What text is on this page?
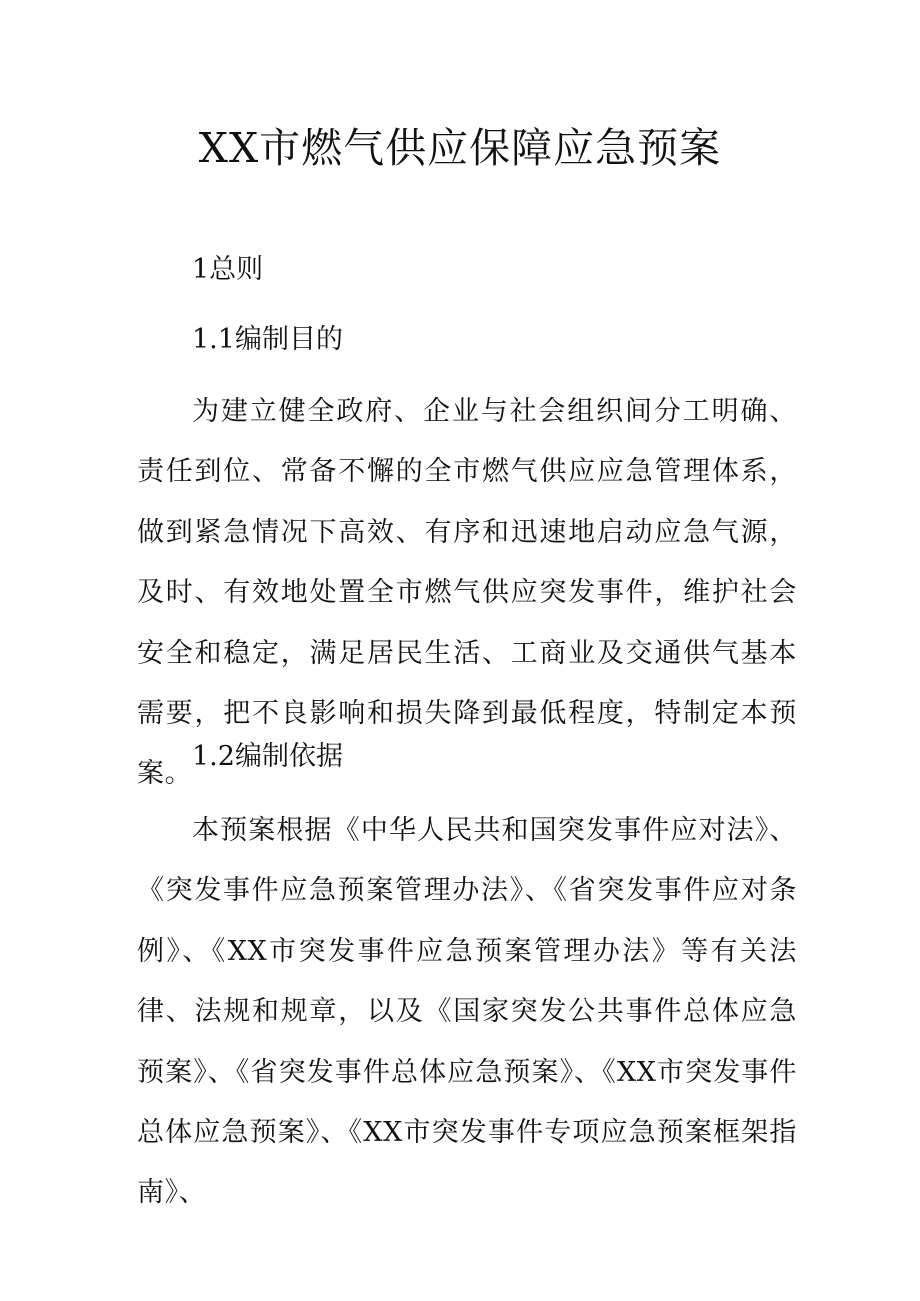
XX市燃气供应保障应急预案
1总则
1.1编制目的

为建立健全政府、企业与社会组织间分工明确、责任到位、常备不懈的全市燃气供应应急管理体系，做到紧急情况下高效、有序和迅速地启动应急气源，及时、有效地处置全市燃气供应突发事件，维护社会安全和稳定，满足居民生活、工商业及交通供气基本需要，把不良影响和损失降到最低程度，特制定本预案。

1.2编制依据

本预案根据《中华人民共和国突发事件应对法》、《突发事件应急预案管理办法》、《省突发事件应对条例》、《XX市突发事件应急预案管理办法》等有关法律、法规和规章，以及《国家突发公共事件总体应急预案》、《省突发事件总体应急预案》、《XX市突发事件总体应急预案》、《XX市突发事件专项应急预案框架指南》、
